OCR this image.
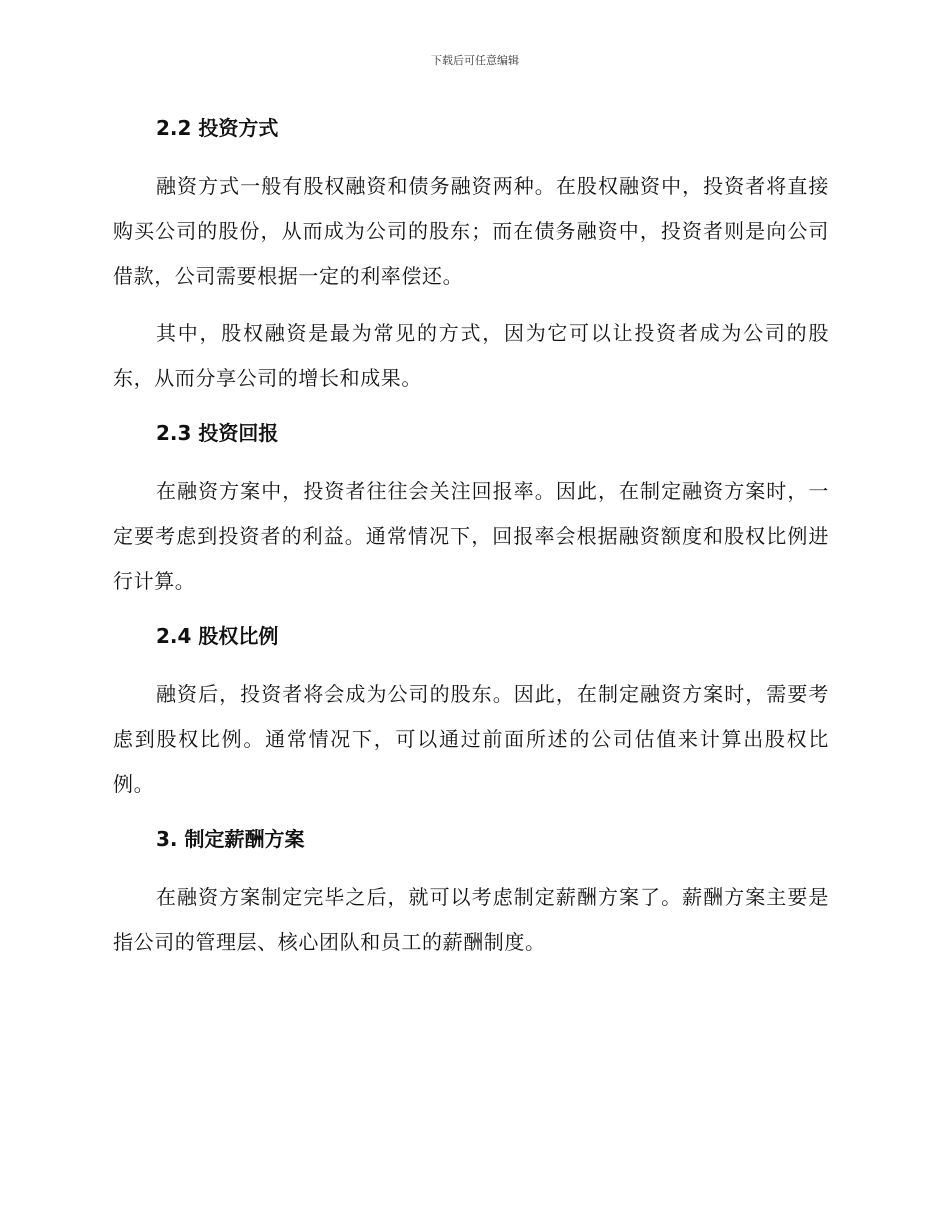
下载后可任意编辑
2.2 投资方式

融资方式一般有股权融资和债务融资两种。在股权融资中，投资者将直接购买公司的股份，从而成为公司的股东；而在债务融资中，投资者则是向公司借款，公司需要根据一定的利率偿还。

其中，股权融资是最为常见的方式，因为它可以让投资者成为公司的股东，从而分享公司的增长和成果。

2.3 投资回报

在融资方案中，投资者往往会关注回报率。因此，在制定融资方案时，一定要考虑到投资者的利益。通常情况下，回报率会根据融资额度和股权比例进行计算。

2.4 股权比例

融资后，投资者将会成为公司的股东。因此，在制定融资方案时，需要考虑到股权比例。通常情况下，可以通过前面所述的公司估值来计算出股权比例。

3. 制定薪酬方案

在融资方案制定完毕之后，就可以考虑制定薪酬方案了。薪酬方案主要是指公司的管理层、核心团队和员工的薪酬制度。
